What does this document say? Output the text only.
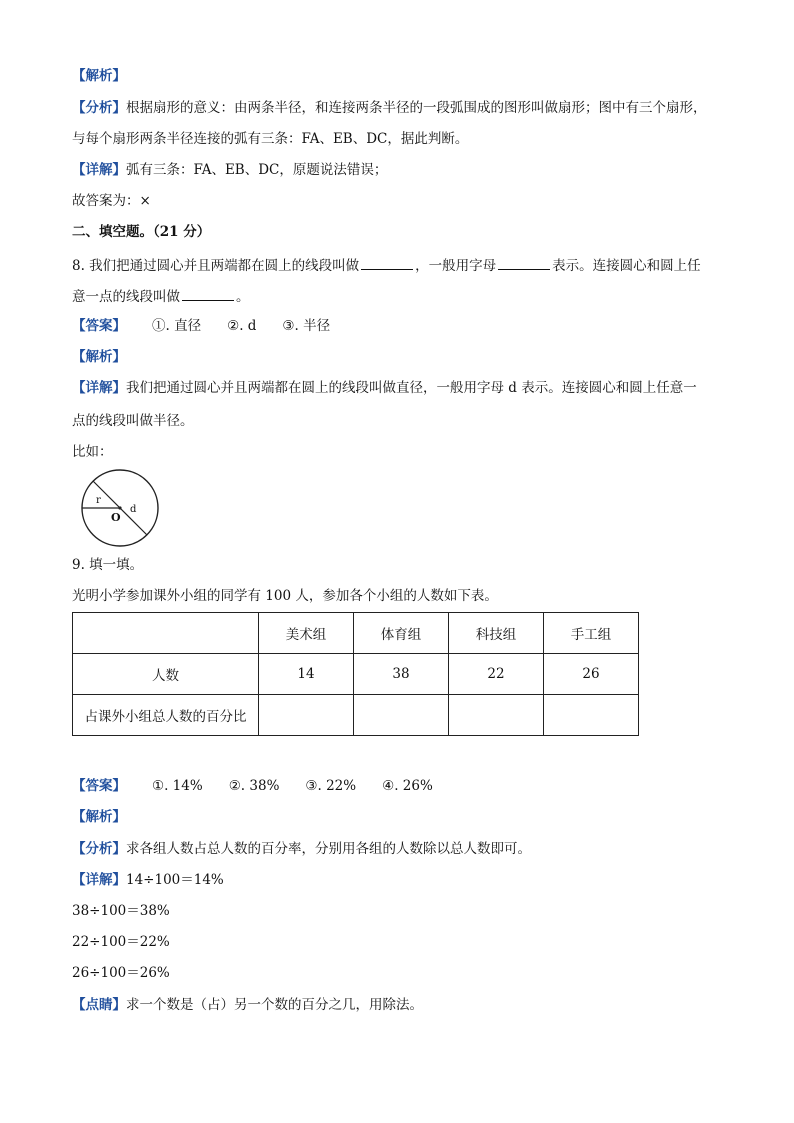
【解析】
【分析】根据扇形的意义：由两条半径，和连接两条半径的一段弧围成的图形叫做扇形；图中有三个扇形，
与每个扇形两条半径连接的弧有三条：FA、EB、DC，据此判断。
【详解】弧有三条：FA、EB、DC，原题说法错误；
故答案为：×
二、填空题。（21 分）
8. 我们把通过圆心并且两端都在圆上的线段叫做	，一般用字母	表示。连接圆心和圆上任
意一点的线段叫做	。
【答案】 ①. 直径 ②. d ③. 半径
【解析】
【详解】我们把通过圆心并且两端都在圆上的线段叫做直径，一般用字母 d 表示。连接圆心和圆上任意一
点的线段叫做半径。
比如：
r
O
d
9. 填一填。
光明小学参加课外小组的同学有 100 人，参加各个小组的人数如下表。
	美术组	体育组	科技组	手工组
人数	14	38	22	26
占课外小组总人数的百分比				
【答案】 ①. 14% ②. 38% ③. 22% ④. 26%
【解析】
【分析】求各组人数占总人数的百分率，分别用各组的人数除以总人数即可。
【详解】14÷100＝14%
38÷100＝38%
22÷100＝22%
26÷100＝26%
【点睛】求一个数是（占）另一个数的百分之几，用除法。
